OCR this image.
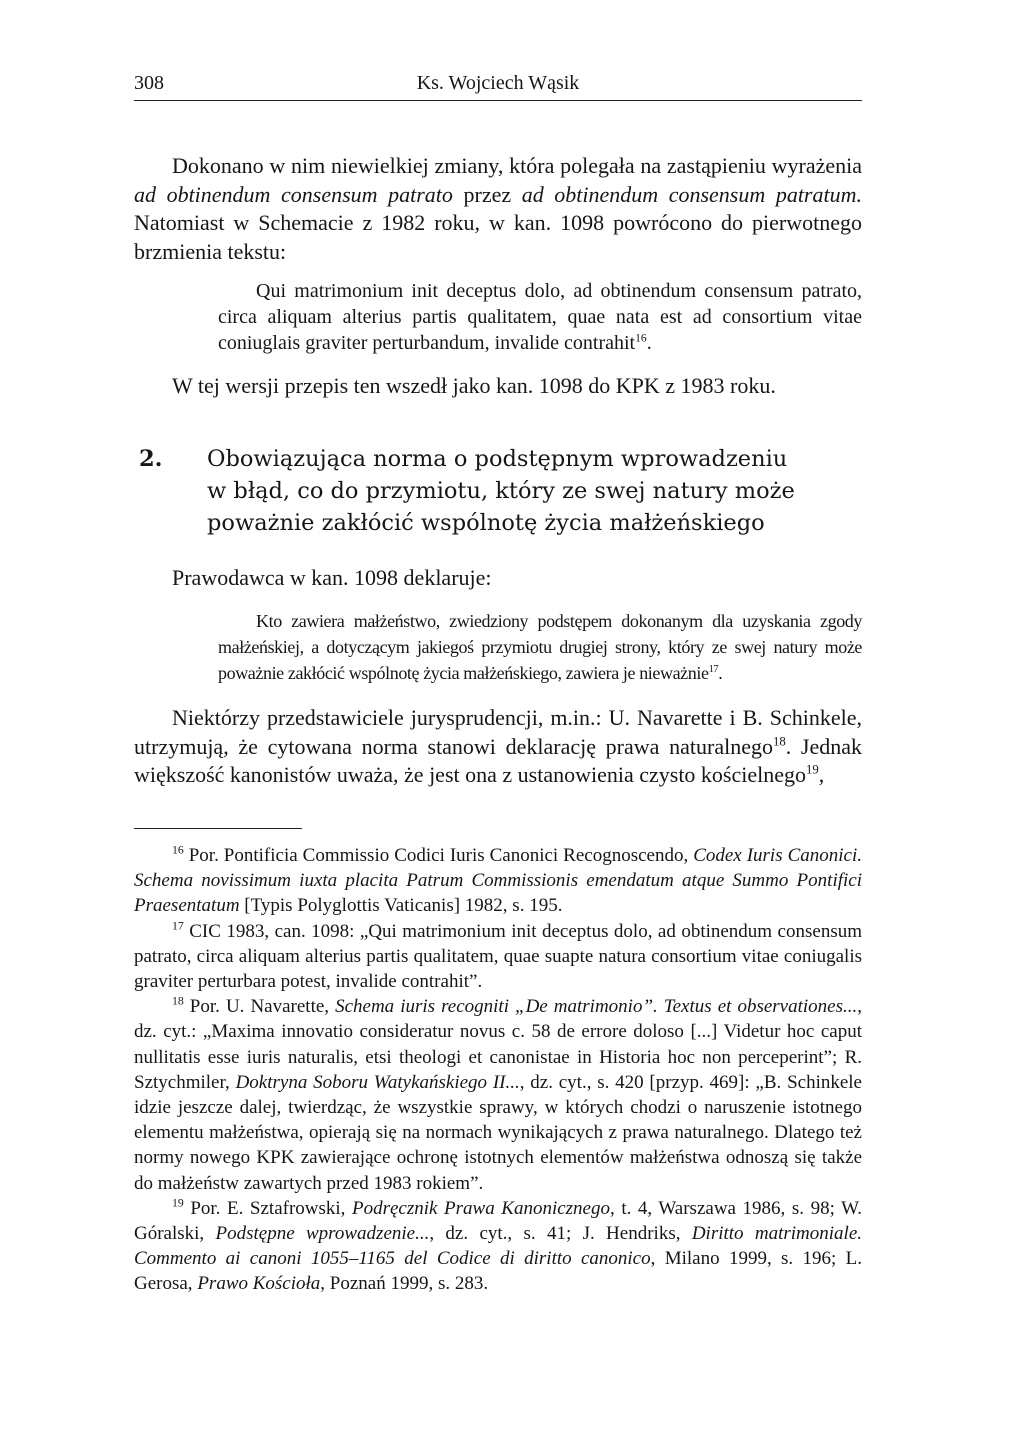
308	Ks. Wojciech Wąsik

Dokonano w nim niewielkiej zmiany, która polegała na zastąpieniu wyrażenia ad obtinendum consensum patrato przez ad obtinendum consensum patratum. Natomiast w Schemacie z 1982 roku, w kan. 1098 powrócono do pierwotnego brzmienia tekstu:

Qui matrimonium init deceptus dolo, ad obtinendum consensum patrato, circa aliquam alterius partis qualitatem, quae nata est ad consortium vitae coniuglais graviter perturbandum, invalide contrahit$^{16}$.

W tej wersji przepis ten wszedł jako kan. 1098 do KPK z 1983 roku.

2. Obowiązująca norma o podstępnym wprowadzeniu
w błąd, co do przymiotu, który ze swej natury może
poważnie zakłócić wspólnotę życia małżeńskiego

Prawodawca w kan. 1098 deklaruje:

Kto zawiera małżeństwo, zwiedziony podstępem dokonanym dla uzyskania zgody małżeńskiej, a dotyczącym jakiegoś przymiotu drugiej strony, który ze swej natury może poważnie zakłócić wspólnotę życia małżeńskiego, zawiera je nieważnie$^{17}$.

Niektórzy przedstawiciele jurysprudencji, m.in.: U. Navarette i B. Schinkele, utrzymują, że cytowana norma stanowi deklarację prawa naturalnego$^{18}$. Jednak większość kanonistów uważa, że jest ona z ustanowienia czysto kościelnego$^{19}$,

$^{16}$ Por. Pontificia Commissio Codici Iuris Canonici Recognoscendo, Codex Iuris Canonici. Schema novissimum iuxta placita Patrum Commissionis emendatum atque Summo Pontifici Praesentatum [Typis Polyglottis Vaticanis] 1982, s. 195.

$^{17}$ CIC 1983, can. 1098: „Qui matrimonium init deceptus dolo, ad obtinendum consensum patrato, circa aliquam alterius partis qualitatem, quae suapte natura consortium vitae coniugalis graviter perturbara potest, invalide contrahit”.

$^{18}$ Por. U. Navarette, Schema iuris recogniti „De matrimonio”. Textus et observationes..., dz. cyt.: „Maxima innovatio consideratur novus c. 58 de errore doloso [...] Videtur hoc caput nullitatis esse iuris naturalis, etsi theologi et canonistae in Historia hoc non perceperint”; R. Sztychmiler, Doktryna Soboru Watykańskiego II..., dz. cyt., s. 420 [przyp. 469]: „B. Schinkele idzie jeszcze dalej, twierdząc, że wszystkie sprawy, w których chodzi o naruszenie istotnego elementu małżeństwa, opierają się na normach wynikających z prawa naturalnego. Dlatego też normy nowego KPK zawierające ochronę istotnych elementów małżeństwa odnoszą się także do małżeństw zawartych przed 1983 rokiem”.

$^{19}$ Por. E. Sztafrowski, Podręcznik Prawa Kanonicznego, t. 4, Warszawa 1986, s. 98; W. Góralski, Podstępne wprowadzenie..., dz. cyt., s. 41; J. Hendriks, Diritto matrimoniale. Commento ai canoni 1055–1165 del Codice di diritto canonico, Milano 1999, s. 196; L. Gerosa, Prawo Kościoła, Poznań 1999, s. 283.
